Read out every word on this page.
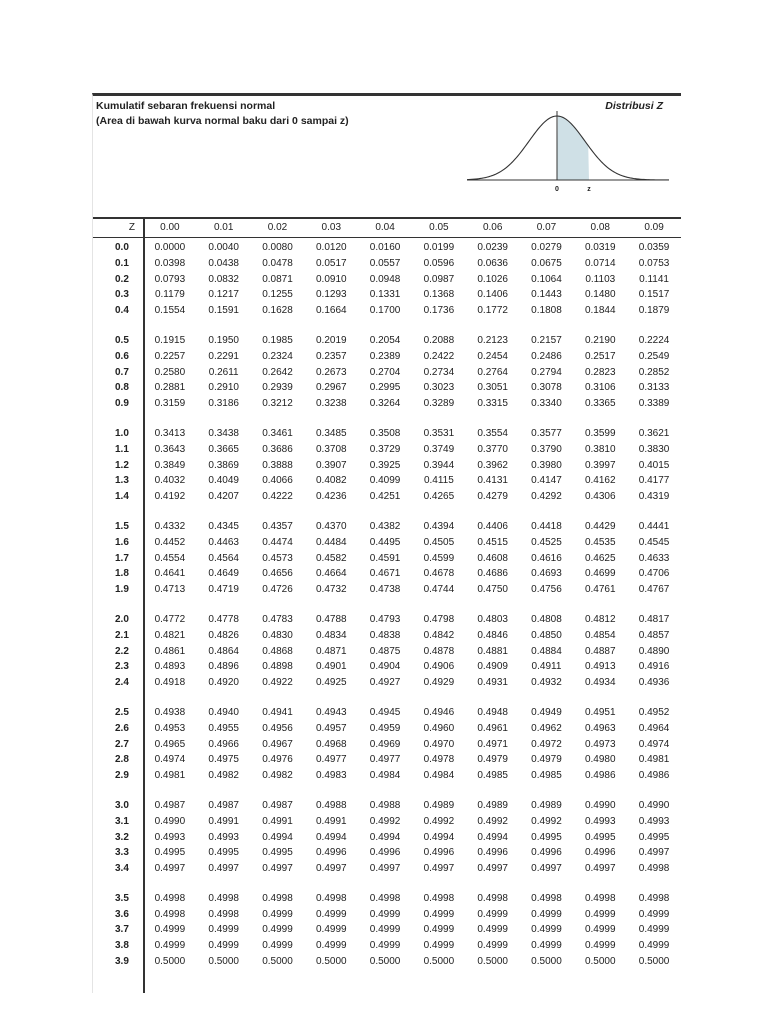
Kumulatif sebaran frekuensi normal
(Area di bawah kurva normal baku dari 0 sampai z)
Distribusi Z
0	z
Z	0.00	0.01	0.02	0.03	0.04	0.05	0.06	0.07	0.08	0.09

0.0	0.0000	0.0040	0.0080	0.0120	0.0160	0.0199	0.0239	0.0279	0.0319	0.0359
0.1	0.0398	0.0438	0.0478	0.0517	0.0557	0.0596	0.0636	0.0675	0.0714	0.0753
0.2	0.0793	0.0832	0.0871	0.0910	0.0948	0.0987	0.1026	0.1064	0.1103	0.1141
0.3	0.1179	0.1217	0.1255	0.1293	0.1331	0.1368	0.1406	0.1443	0.1480	0.1517
0.4	0.1554	0.1591	0.1628	0.1664	0.1700	0.1736	0.1772	0.1808	0.1844	0.1879

0.5	0.1915	0.1950	0.1985	0.2019	0.2054	0.2088	0.2123	0.2157	0.2190	0.2224
0.6	0.2257	0.2291	0.2324	0.2357	0.2389	0.2422	0.2454	0.2486	0.2517	0.2549
0.7	0.2580	0.2611	0.2642	0.2673	0.2704	0.2734	0.2764	0.2794	0.2823	0.2852
0.8	0.2881	0.2910	0.2939	0.2967	0.2995	0.3023	0.3051	0.3078	0.3106	0.3133
0.9	0.3159	0.3186	0.3212	0.3238	0.3264	0.3289	0.3315	0.3340	0.3365	0.3389

1.0	0.3413	0.3438	0.3461	0.3485	0.3508	0.3531	0.3554	0.3577	0.3599	0.3621
1.1	0.3643	0.3665	0.3686	0.3708	0.3729	0.3749	0.3770	0.3790	0.3810	0.3830
1.2	0.3849	0.3869	0.3888	0.3907	0.3925	0.3944	0.3962	0.3980	0.3997	0.4015
1.3	0.4032	0.4049	0.4066	0.4082	0.4099	0.4115	0.4131	0.4147	0.4162	0.4177
1.4	0.4192	0.4207	0.4222	0.4236	0.4251	0.4265	0.4279	0.4292	0.4306	0.4319

1.5	0.4332	0.4345	0.4357	0.4370	0.4382	0.4394	0.4406	0.4418	0.4429	0.4441
1.6	0.4452	0.4463	0.4474	0.4484	0.4495	0.4505	0.4515	0.4525	0.4535	0.4545
1.7	0.4554	0.4564	0.4573	0.4582	0.4591	0.4599	0.4608	0.4616	0.4625	0.4633
1.8	0.4641	0.4649	0.4656	0.4664	0.4671	0.4678	0.4686	0.4693	0.4699	0.4706
1.9	0.4713	0.4719	0.4726	0.4732	0.4738	0.4744	0.4750	0.4756	0.4761	0.4767

2.0	0.4772	0.4778	0.4783	0.4788	0.4793	0.4798	0.4803	0.4808	0.4812	0.4817
2.1	0.4821	0.4826	0.4830	0.4834	0.4838	0.4842	0.4846	0.4850	0.4854	0.4857
2.2	0.4861	0.4864	0.4868	0.4871	0.4875	0.4878	0.4881	0.4884	0.4887	0.4890
2.3	0.4893	0.4896	0.4898	0.4901	0.4904	0.4906	0.4909	0.4911	0.4913	0.4916
2.4	0.4918	0.4920	0.4922	0.4925	0.4927	0.4929	0.4931	0.4932	0.4934	0.4936

2.5	0.4938	0.4940	0.4941	0.4943	0.4945	0.4946	0.4948	0.4949	0.4951	0.4952
2.6	0.4953	0.4955	0.4956	0.4957	0.4959	0.4960	0.4961	0.4962	0.4963	0.4964
2.7	0.4965	0.4966	0.4967	0.4968	0.4969	0.4970	0.4971	0.4972	0.4973	0.4974
2.8	0.4974	0.4975	0.4976	0.4977	0.4977	0.4978	0.4979	0.4979	0.4980	0.4981
2.9	0.4981	0.4982	0.4982	0.4983	0.4984	0.4984	0.4985	0.4985	0.4986	0.4986

3.0	0.4987	0.4987	0.4987	0.4988	0.4988	0.4989	0.4989	0.4989	0.4990	0.4990
3.1	0.4990	0.4991	0.4991	0.4991	0.4992	0.4992	0.4992	0.4992	0.4993	0.4993
3.2	0.4993	0.4993	0.4994	0.4994	0.4994	0.4994	0.4994	0.4995	0.4995	0.4995
3.3	0.4995	0.4995	0.4995	0.4996	0.4996	0.4996	0.4996	0.4996	0.4996	0.4997
3.4	0.4997	0.4997	0.4997	0.4997	0.4997	0.4997	0.4997	0.4997	0.4997	0.4998

3.5	0.4998	0.4998	0.4998	0.4998	0.4998	0.4998	0.4998	0.4998	0.4998	0.4998
3.6	0.4998	0.4998	0.4999	0.4999	0.4999	0.4999	0.4999	0.4999	0.4999	0.4999
3.7	0.4999	0.4999	0.4999	0.4999	0.4999	0.4999	0.4999	0.4999	0.4999	0.4999
3.8	0.4999	0.4999	0.4999	0.4999	0.4999	0.4999	0.4999	0.4999	0.4999	0.4999
3.9	0.5000	0.5000	0.5000	0.5000	0.5000	0.5000	0.5000	0.5000	0.5000	0.5000
